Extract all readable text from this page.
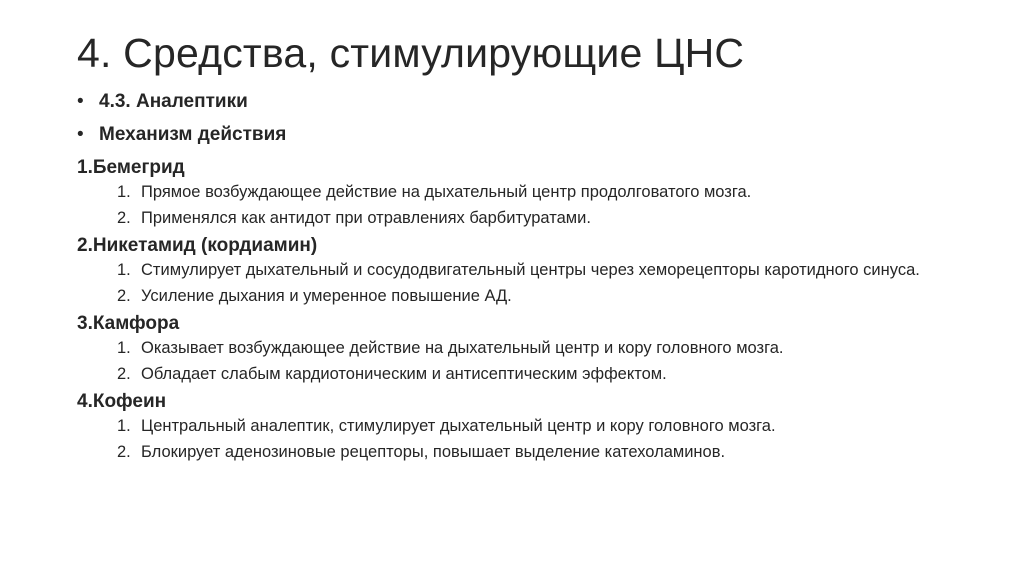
4. Средства, стимулирующие ЦНС
• 4.3. Аналептики
• Механизм действия
1.Бемегрид
1. Прямое возбуждающее действие на дыхательный центр продолговатого мозга.
2. Применялся как антидот при отравлениях барбитуратами.
2.Никетамид (кордиамин)
1. Стимулирует дыхательный и сосудодвигательный центры через хеморецепторы каротидного синуса.
2. Усиление дыхания и умеренное повышение АД.
3.Камфора
1. Оказывает возбуждающее действие на дыхательный центр и кору головного мозга.
2. Обладает слабым кардиотоническим и антисептическим эффектом.
4.Кофеин
1. Центральный аналептик, стимулирует дыхательный центр и кору головного мозга.
2. Блокирует аденозиновые рецепторы, повышает выделение катехоламинов.
